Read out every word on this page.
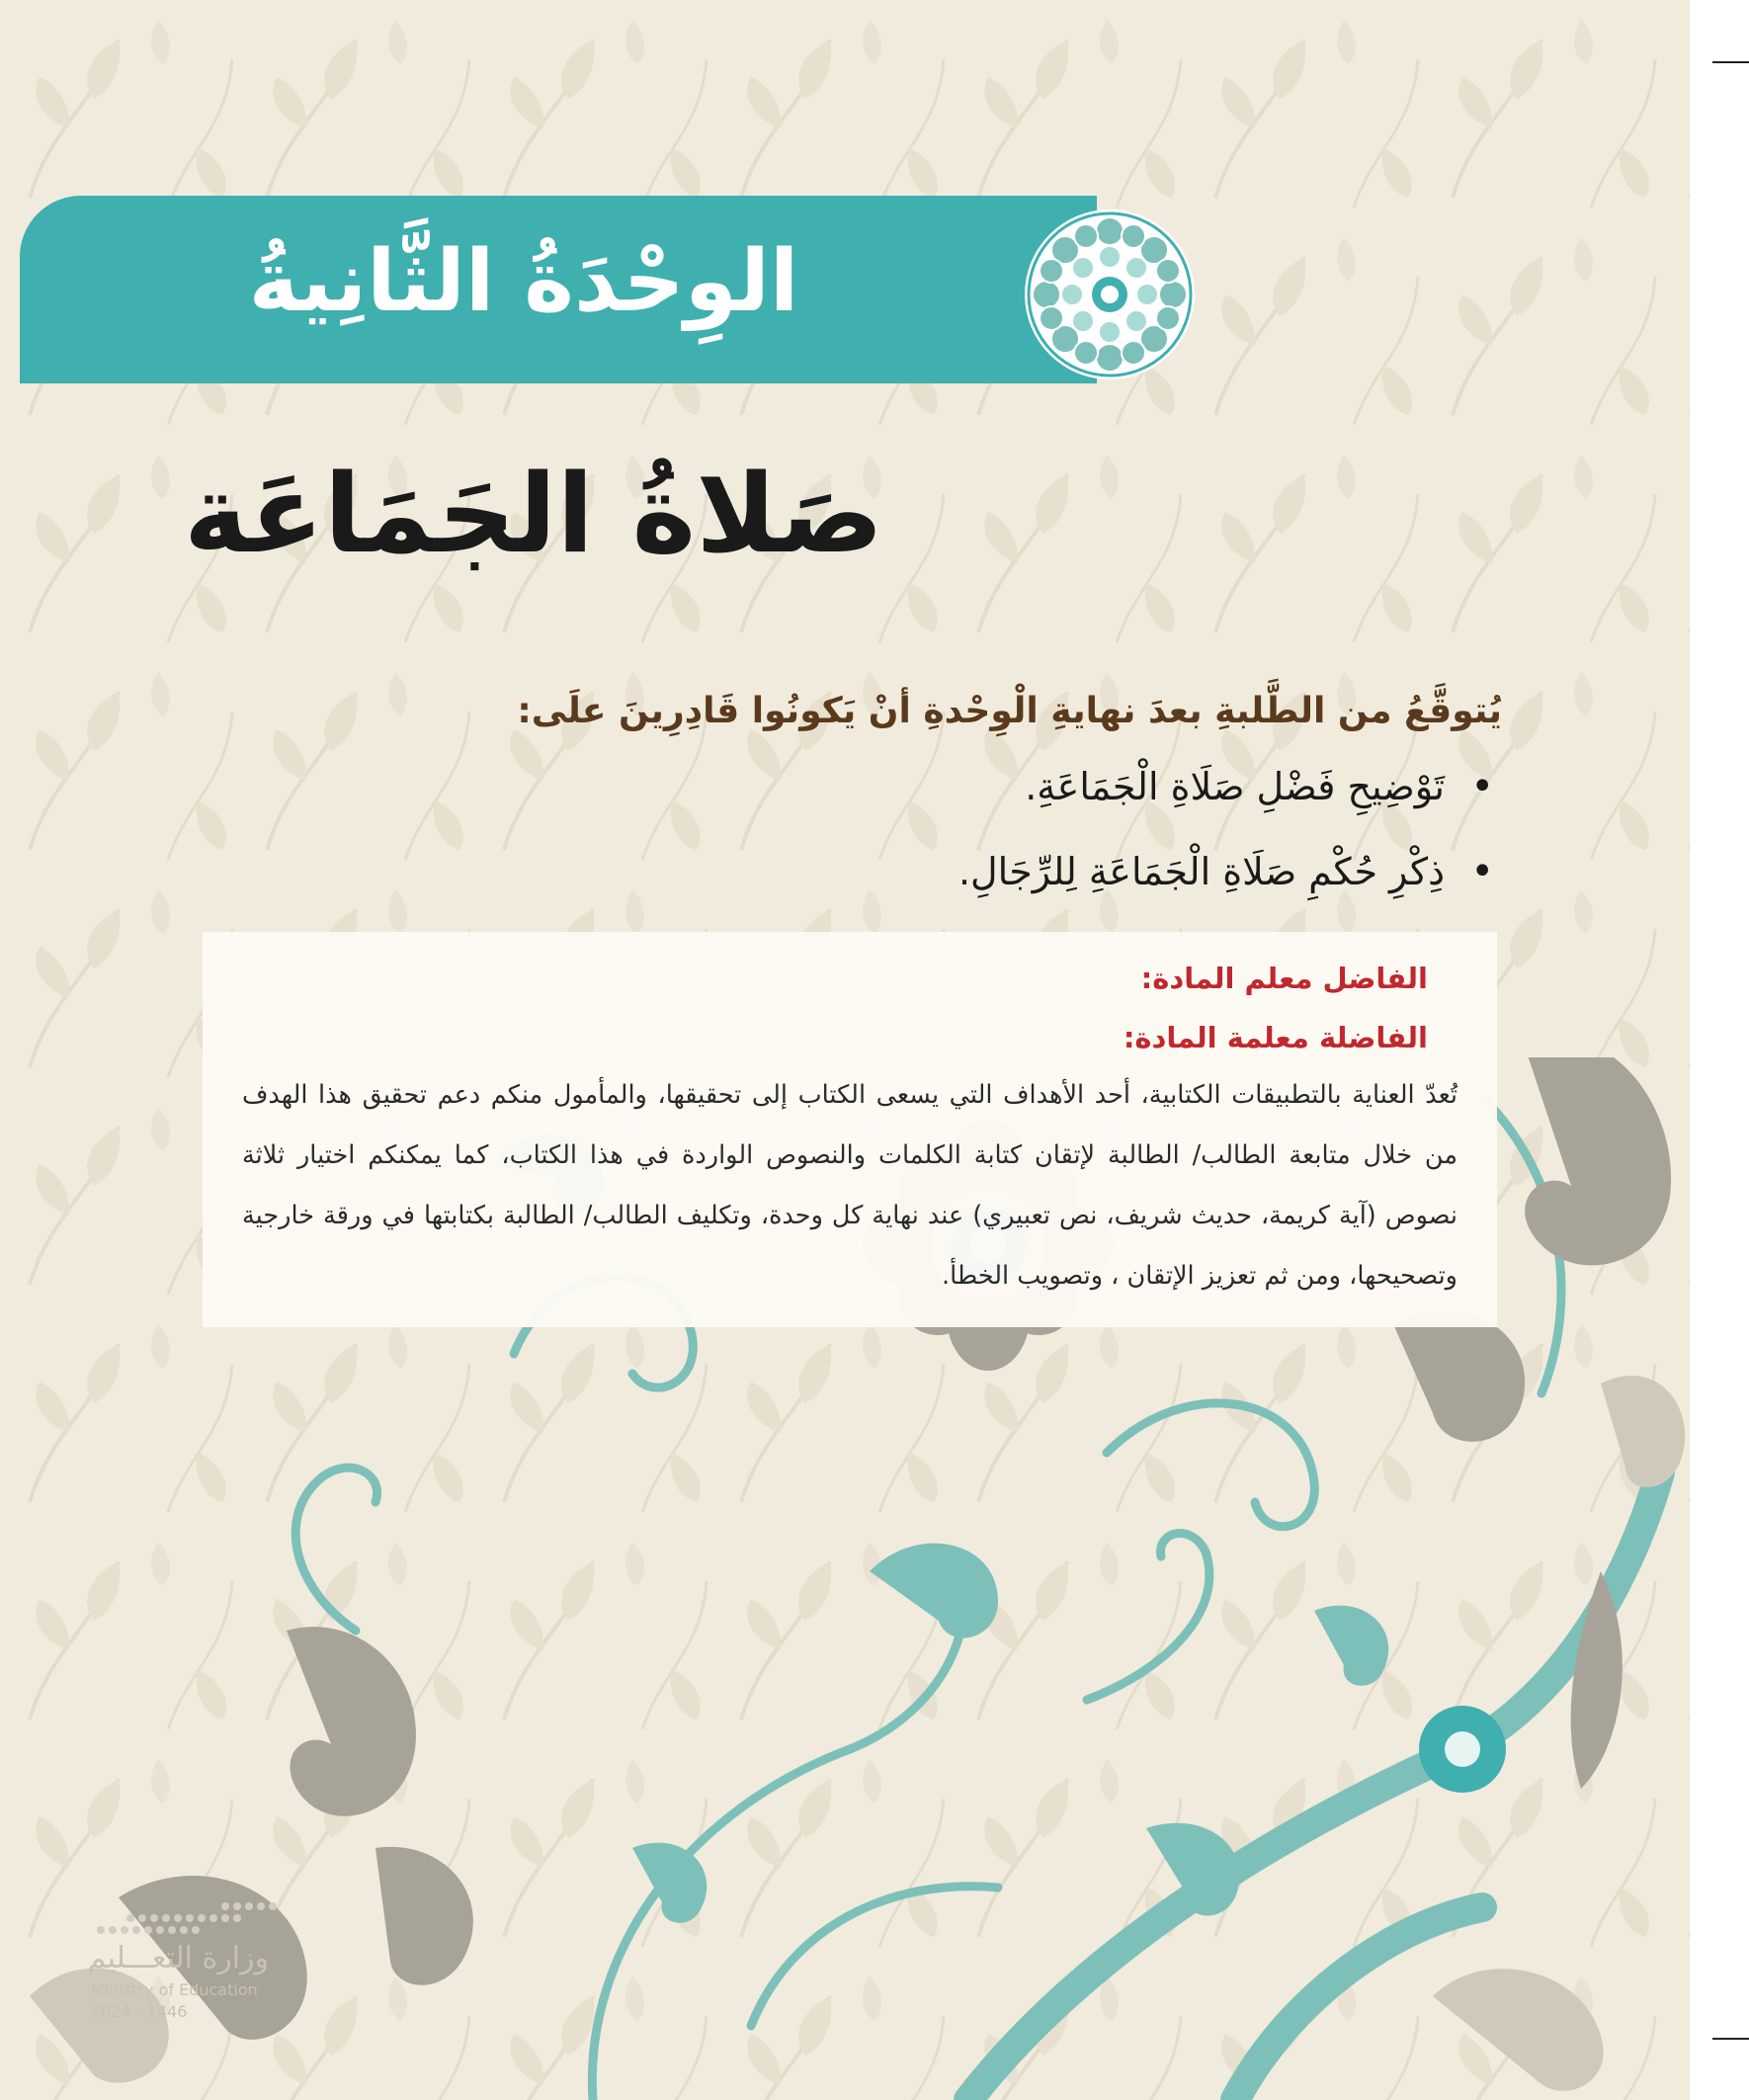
الوِحْدَةُ الثَّانِيةُ
صَلاةُ الجَمَاعَة
يُتوقَّعُ من الطَّلبةِ بعدَ نهايةِ الْوِحْدةِ أنْ يَكونُوا قَادِرِينَ علَى:
•
تَوْضِيحِ فَضْلِ صَلَاةِ الْجَمَاعَةِ.
•
ذِكْرِ حُكْمِ صَلَاةِ الْجَمَاعَةِ لِلرِّجَالِ.
الفاضل معلم المادة:
الفاضلة معلمة المادة:

تُعدّ العناية بالتطبيقات الكتابية، أحد الأهداف التي يسعى الكتاب إلى تحقيقها، والمأمول منكم دعم تحقيق هذا الهدف من خلال متابعة الطالب/ الطالبة لإتقان كتابة الكلمات والنصوص الواردة في هذا الكتاب، كما يمكنكم اختيار ثلاثة نصوص (آية كريمة، حديث شريف، نص تعبيري) عند نهاية كل وحدة، وتكليف الطالب/ الطالبة بكتابتها في ورقة خارجية وتصحيحها، ومن ثم تعزيز الإتقان ، وتصويب الخطأ.

وزارة التعـــليم
Ministry of Education
2024 - 1446
